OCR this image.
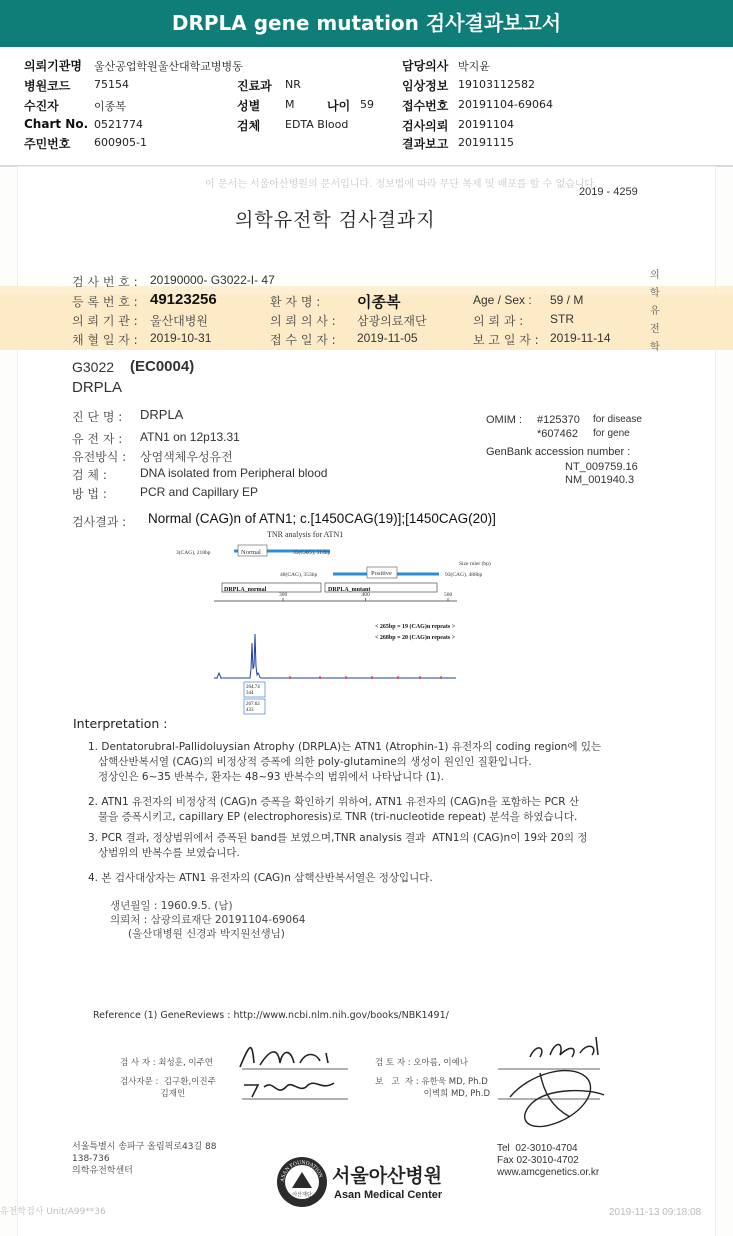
DRPLA gene mutation 검사결과보고서
의뢰기관명 울산공업학원울산대학교병병동
병원코드 75154
수진자	이종복
Chart No. 0521774
주민번호 600905-1
진료과 NR
성별 M	나이 59
검체 EDTA Blood
담당의사 박지윤
임상정보 19103112582
접수번호 20191104-69064
검사의뢰 20191104
결과보고 20191115
이 문서는 서울아산병원의 문서입니다. 정보법에 따라 무단 복제 및 배포를 할 수 없습니다.
2019 - 4259
의학유전학 검사결과지
의
학
유
전
학
검 사 번 호 : 20190000- G3022-I- 47
등 록 번 호 : 49123256	환 자 명 : 이종복	Age / Sex : 59 / M
의 뢰 기 관 : 울산대병원	의 뢰 의 사 : 삼광의료재단	의 뢰 과 : STR
채 혈 일 자 : 2019-10-31	접 수 일 자 : 2019-11-05	보 고 일 자 : 2019-11-14
G3022 (EC0004)
DRPLA
진 단 명 : DRPLA
유 전 자 : ATN1 on 12p13.31
유전방식 : 상염색체우성유전
검 체 :	DNA isolated from Peripheral blood
방 법 :	PCR and Capillary EP
OMIM : #125370 for disease
*607462 for gene
GenBank accession number :
NT_009759.16
NM_001940.3
검사결과 : Normal (CAG)n of ATN1; c.[1450CAG(19)];[1450CAG(20)]
TNR analysis for ATN1
Normal
3(CAG), 218bp	35(CAG), 314bp
Positive
48(CAG), 353bp	93(CAG), 488bp
DRPLA_normal	DRPLA_mutant
300	400	500
Size ruler (bp)
< 265bp = 19 (CAG)n repeats >
< 268bp = 20 (CAG)n repeats >
264.74
344
267.62
433
Interpretation :
1. Dentatorubral-Pallidoluysian Atrophy (DRPLA)는 ATN1 (Atrophin-1) 유전자의 coding region에 있는
삼핵산반복서열 (CAG)의 비정상적 증폭에 의한 poly-glutamine의 생성이 원인인 질환입니다.
정상인은 6~35 반복수, 환자는 48~93 반복수의 범위에서 나타납니다 (1).
2. ATN1 유전자의 비정상적 (CAG)n 증폭을 확인하기 위하여, ATN1 유전자의 (CAG)n을 포함하는 PCR 산
물을 증폭시키고, capillary EP (electrophoresis)로 TNR (tri-nucleotide repeat) 분석을 하였습니다.
3. PCR 결과, 정상범위에서 증폭된 band를 보였으며,TNR analysis 결과  ATN1의 (CAG)n이 19와 20의 정
상범위의 반복수를 보였습니다.
4. 본 검사대상자는 ATN1 유전자의 (CAG)n 삼핵산반복서열은 정상입니다.
생년월일 : 1960.9.5. (남)
의뢰처 : 삼광의료재단 20191104-69064
(울산대병원 신경과 박지원선생님)
Reference (1) GeneReviews : http://www.ncbi.nlm.nih.gov/books/NBK1491/
검 사 자 : 최성훈, 이주연	검 토 자 : 오아름, 이예나
검사자문 :  김구환,이진주
김재인
보   고  자 : 유한욱 MD, Ph.D
이벽희 MD, Ph.D
서울특별시 송파구 올림픽로43길 88
138-736
의학유전학센터
Tel  02-3010-4704
Fax 02-3010-4702
www.amcgenetics.or.kr
ASAN FOUNDATION
아산재단
서울아산병원
Asan Medical Center
유전학검사 Unit/A99**36	2019-11-13 09:18:08
